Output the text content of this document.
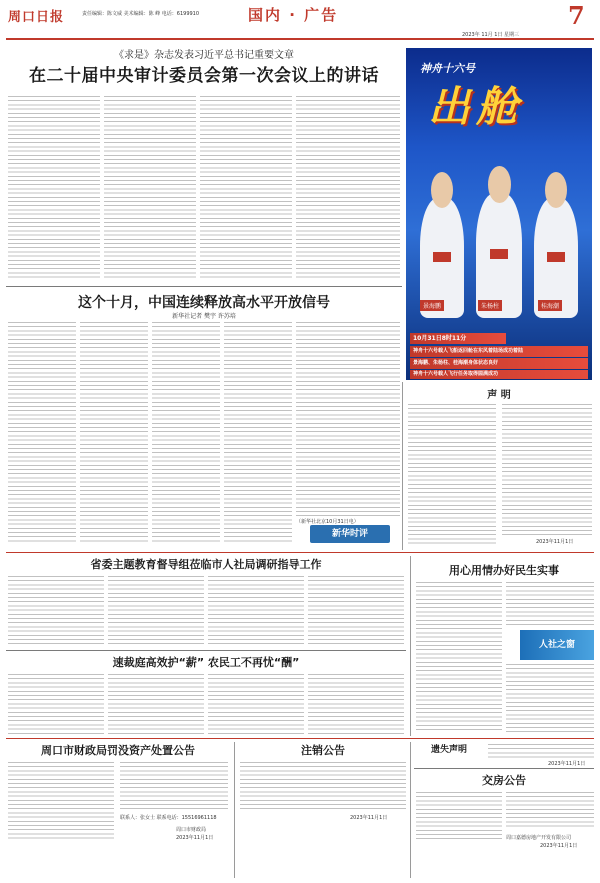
周口日报	责任编辑：陈文威 美术编辑：陈 峰 电话：6199910	国内 · 广告	7
2023年 11月 1日 星期三
《求是》杂志发表习近平总书记重要文章
在二十届中央审计委员会第一次会议上的讲话	神舟十六号
出舱
景海鹏	朱杨柱	桂海潮
10月31日8时11分
神舟十六号载人飞船返回舱在东风着陆场成功着陆
景海鹏、朱杨柱、桂海潮身体状态良好
神舟十六号载人飞行任务取得圆满成功
这个十月，中国连续释放高水平开放信号
新华社记者 樊宇 许苏培
（新华社北京10月31日电）
新华时评
声 明
2023年11月1日
省委主题教育督导组莅临市人社局调研指导工作
速裁庭高效护“薪” 农民工不再忧“酬”
用心用情办好民生实事
人社之窗
周口市财政局罚没资产处置公告
联系人：张女士 联系电话：15516961118
周口市财政局
2023年11月1日
注销公告
2023年11月1日
遗失声明
2023年11月1日
交房公告
周口嘉德房地产开发有限公司
2023年11月1日
